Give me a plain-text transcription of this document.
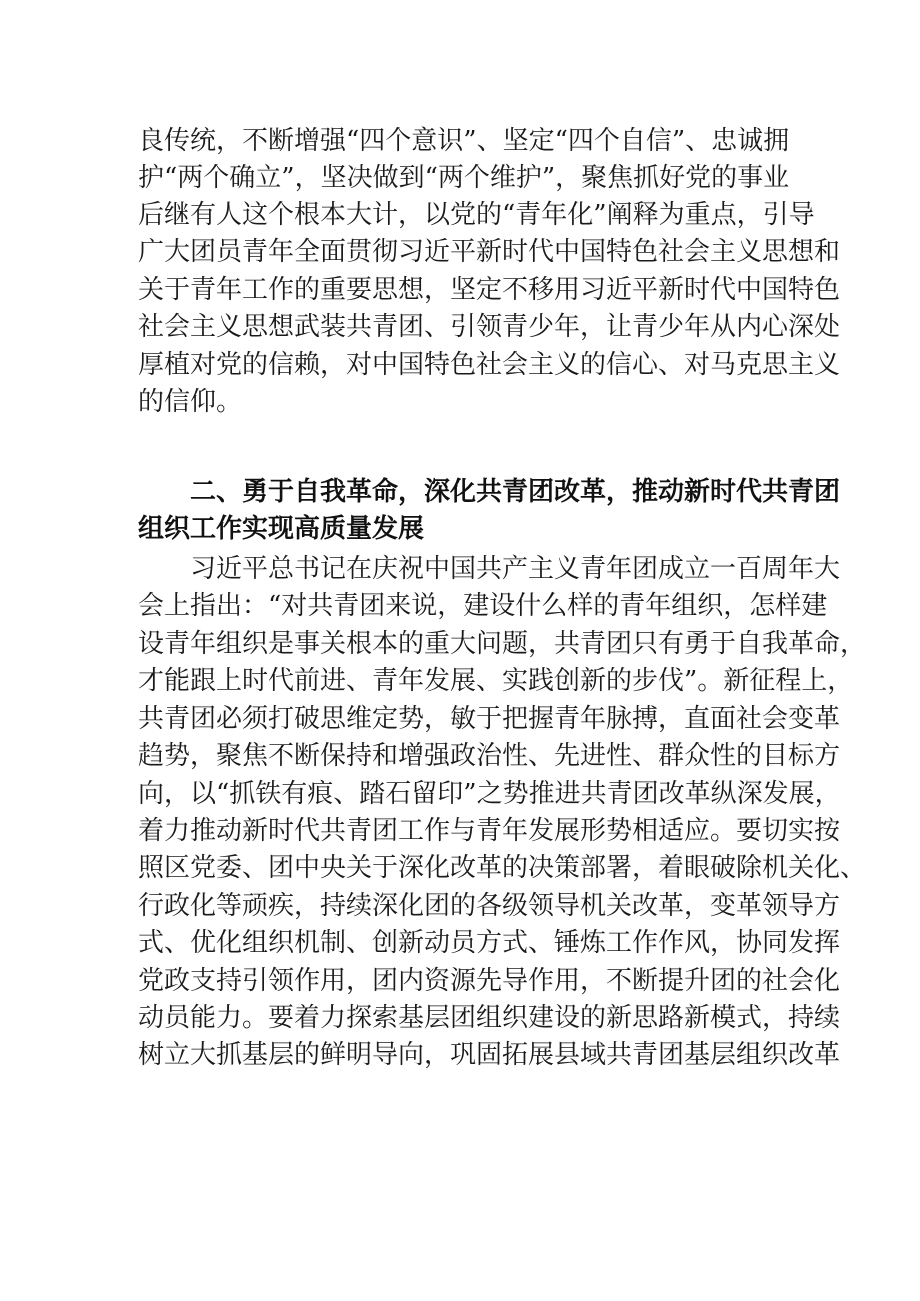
良传统，不断增强“四个意识”、坚定“四个自信”、忠诚拥
护“两个确立”，坚决做到“两个维护”，聚焦抓好党的事业
后继有人这个根本大计，以党的“青年化”阐释为重点，引导
广大团员青年全面贯彻习近平新时代中国特色社会主义思想和
关于青年工作的重要思想，坚定不移用习近平新时代中国特色
社会主义思想武装共青团、引领青少年，让青少年从内心深处
厚植对党的信赖，对中国特色社会主义的信心、对马克思主义
的信仰。
二、勇于自我革命，深化共青团改革，推动新时代共青团
组织工作实现高质量发展
习近平总书记在庆祝中国共产主义青年团成立一百周年大
会上指出：“对共青团来说，建设什么样的青年组织，怎样建
设青年组织是事关根本的重大问题，共青团只有勇于自我革命，
才能跟上时代前进、青年发展、实践创新的步伐”。新征程上，
共青团必须打破思维定势，敏于把握青年脉搏，直面社会变革
趋势，聚焦不断保持和增强政治性、先进性、群众性的目标方
向，以“抓铁有痕、踏石留印”之势推进共青团改革纵深发展，
着力推动新时代共青团工作与青年发展形势相适应。要切实按
照区党委、团中央关于深化改革的决策部署，着眼破除机关化、
行政化等顽疾，持续深化团的各级领导机关改革，变革领导方
式、优化组织机制、创新动员方式、锤炼工作作风，协同发挥
党政支持引领作用，团内资源先导作用，不断提升团的社会化
动员能力。要着力探索基层团组织建设的新思路新模式，持续
树立大抓基层的鲜明导向，巩固拓展县域共青团基层组织改革
